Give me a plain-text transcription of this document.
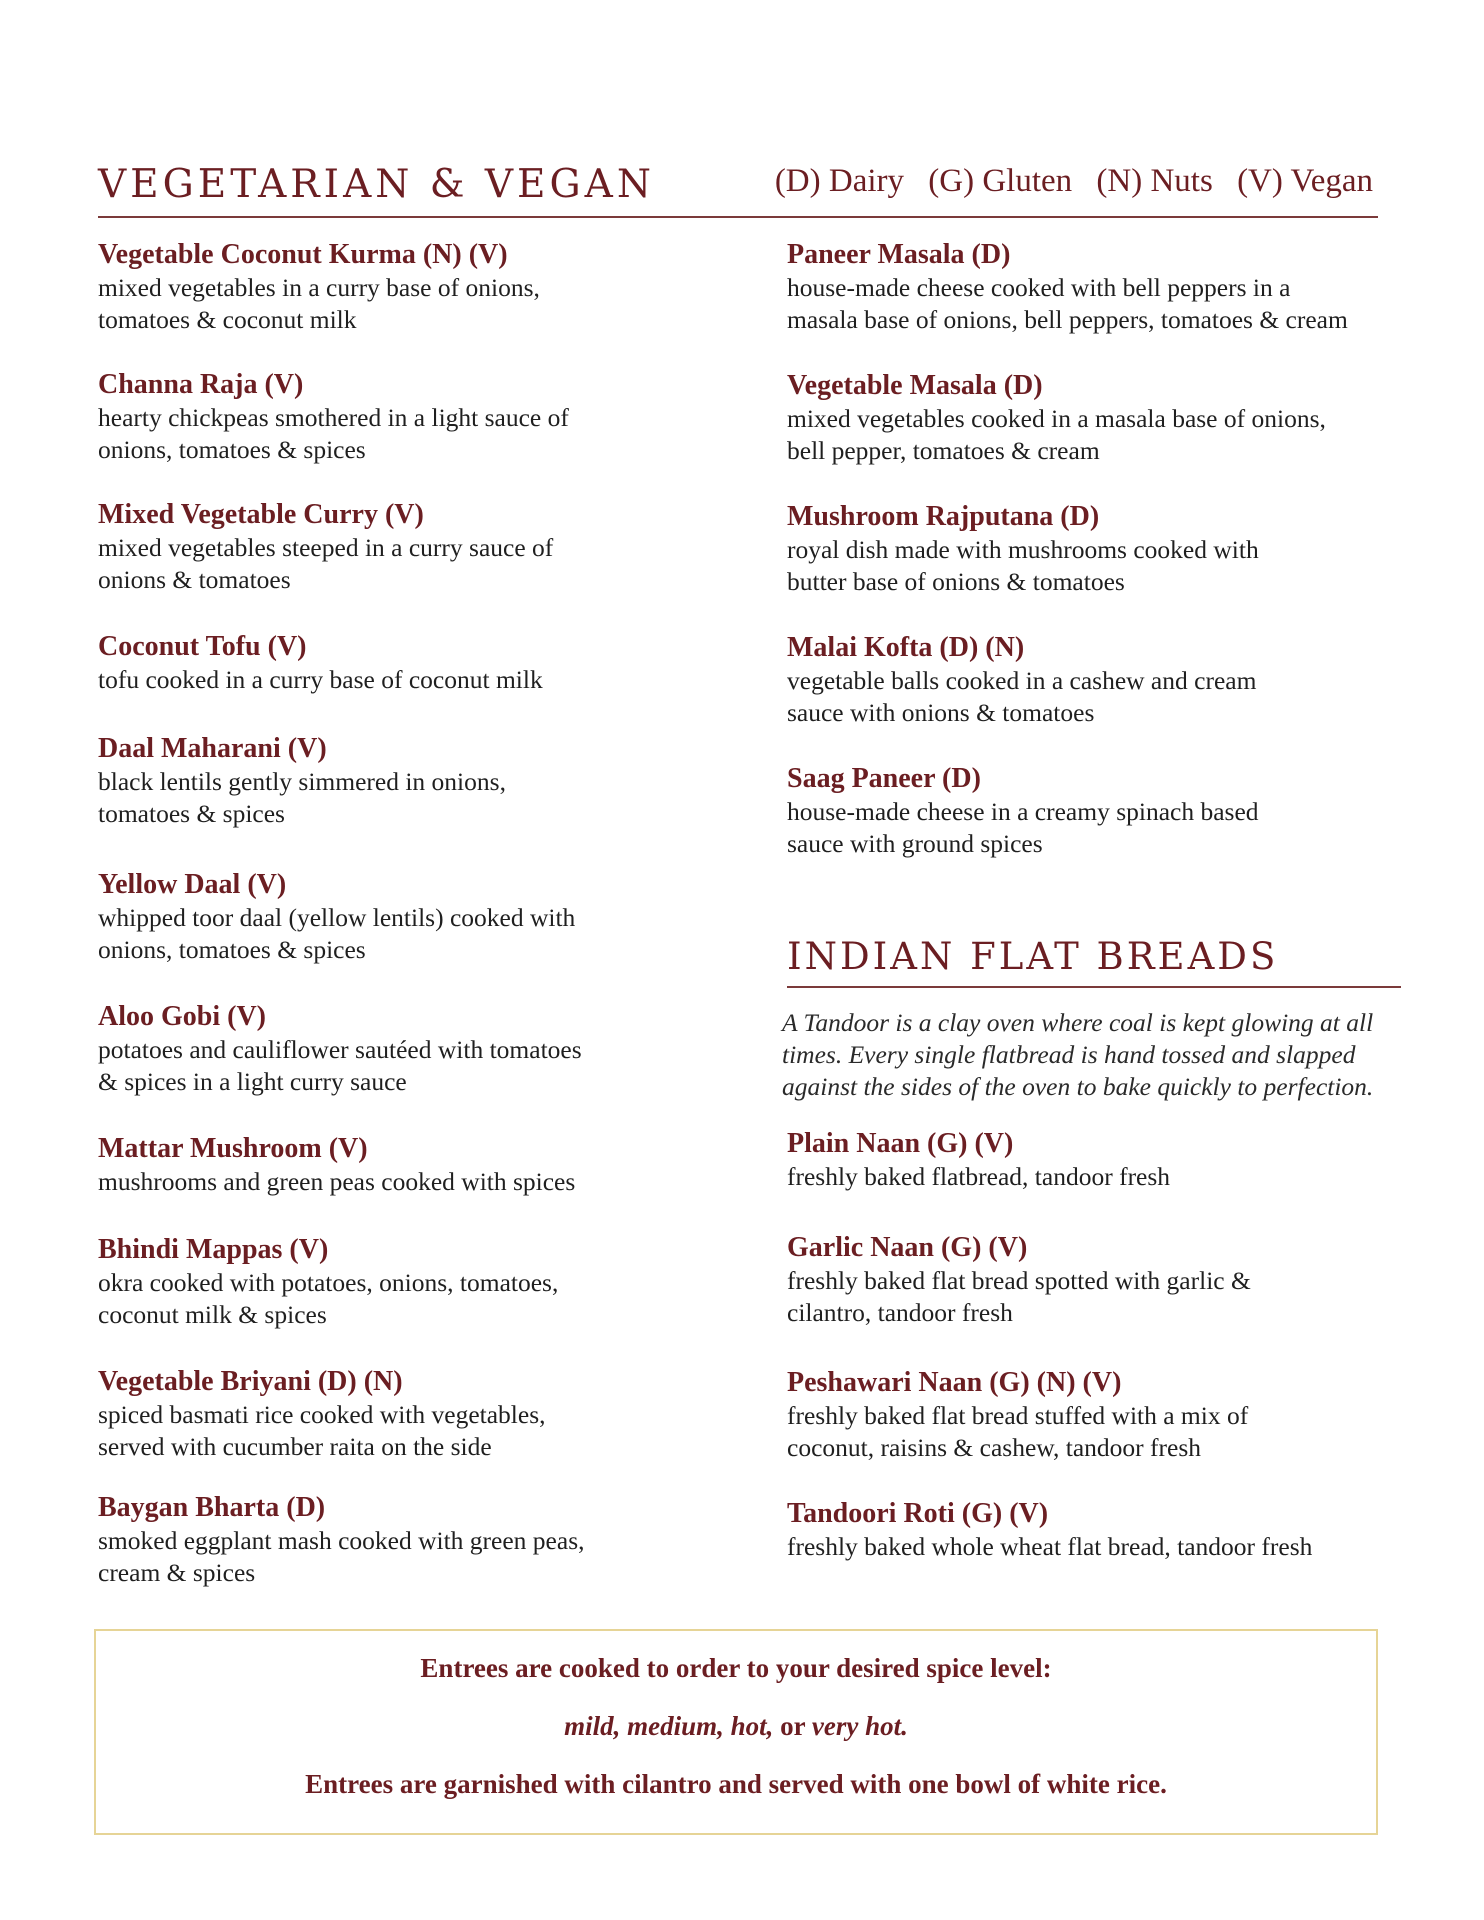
VEGETARIAN & VEGAN	(D) Dairy (G) Gluten (N) Nuts (V) Vegan
Vegetable Coconut Kurma (N) (V)
mixed vegetables in a curry base of onions,
tomatoes & coconut milk
Channa Raja (V)
hearty chickpeas smothered in a light sauce of
onions, tomatoes & spices
Mixed Vegetable Curry (V)
mixed vegetables steeped in a curry sauce of
onions & tomatoes
Coconut Tofu (V)
tofu cooked in a curry base of coconut milk
Daal Maharani (V)
black lentils gently simmered in onions,
tomatoes & spices
Yellow Daal (V)
whipped toor daal (yellow lentils) cooked with
onions, tomatoes & spices
Aloo Gobi (V)
potatoes and cauliflower sautéed with tomatoes
& spices in a light curry sauce
Mattar Mushroom (V)
mushrooms and green peas cooked with spices
Bhindi Mappas (V)
okra cooked with potatoes, onions, tomatoes,
coconut milk & spices
Vegetable Briyani (D) (N)
spiced basmati rice cooked with vegetables,
served with cucumber raita on the side
Baygan Bharta (D)
smoked eggplant mash cooked with green peas,
cream & spices
Paneer Masala (D)
house-made cheese cooked with bell peppers in a
masala base of onions, bell peppers, tomatoes & cream
Vegetable Masala (D)
mixed vegetables cooked in a masala base of onions,
bell pepper, tomatoes & cream
Mushroom Rajputana (D)
royal dish made with mushrooms cooked with
butter base of onions & tomatoes
Malai Kofta (D) (N)
vegetable balls cooked in a cashew and cream
sauce with onions & tomatoes
Saag Paneer (D)
house-made cheese in a creamy spinach based
sauce with ground spices
INDIAN FLAT BREADS
A Tandoor is a clay oven where coal is kept glowing at all
times. Every single flatbread is hand tossed and slapped
against the sides of the oven to bake quickly to perfection.
Plain Naan (G) (V)
freshly baked flatbread, tandoor fresh
Garlic Naan (G) (V)
freshly baked flat bread spotted with garlic &
cilantro, tandoor fresh
Peshawari Naan (G) (N) (V)
freshly baked flat bread stuffed with a mix of
coconut, raisins & cashew, tandoor fresh
Tandoori Roti (G) (V)
freshly baked whole wheat flat bread, tandoor fresh
Entrees are cooked to order to your desired spice level:
mild, medium, hot, or very hot.
Entrees are garnished with cilantro and served with one bowl of white rice.
